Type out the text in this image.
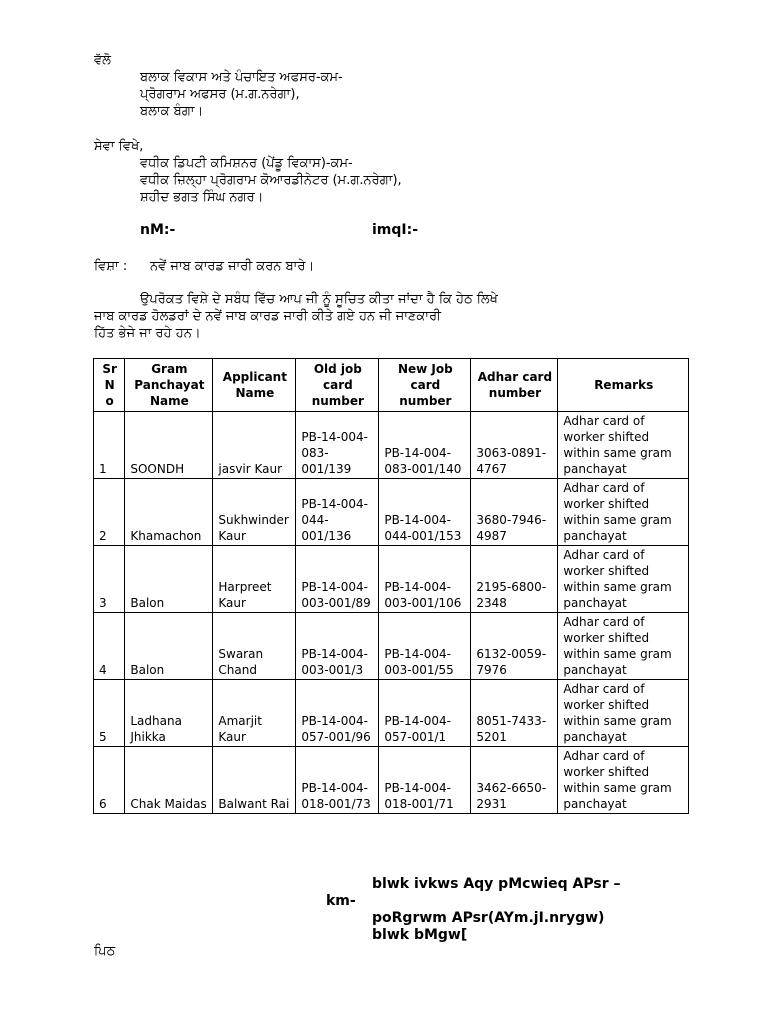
ਵੱਲੋ
ਬਲਾਕ ਵਿਕਾਸ ਅਤੇ ਪੰਚਾਇਤ ਅਫਸਰ-ਕਮ-
ਪ੍ਰੋਗਰਾਮ ਅਫਸਰ (ਮ.ਗ.ਨਰੇਗਾ),
ਬਲਾਕ ਬੰਗਾ।
ਸੇਵਾ ਵਿਖੇ,
ਵਧੀਕ ਡਿਪਟੀ ਕਮਿਸ਼ਨਰ (ਪੇਂਡੂ ਵਿਕਾਸ)-ਕਮ-
ਵਧੀਕ ਜ਼ਿਲ੍ਹਾ ਪ੍ਰੋਗਰਾਮ ਕੋਆਰਡੀਨੇਟਰ (ਮ.ਗ.ਨਰੇਗਾ),
ਸ਼ਹੀਦ ਭਗਤ ਸਿੰਘ ਨਗਰ।
nM:-	imqI:-
ਵਿਸ਼ਾ : ਨਵੇਂ ਜਾਬ ਕਾਰਡ ਜਾਰੀ ਕਰਨ ਬਾਰੇ।
ਉਪਰੋਕਤ ਵਿਸ਼ੇ ਦੇ ਸਬੰਧ ਵਿੱਚ ਆਪ ਜੀ ਨੂੰ ਸੂਚਿਤ ਕੀਤਾ ਜਾਂਦਾ ਹੈ ਕਿ ਹੇਠ ਲਿਖੇ
ਜਾਬ ਕਾਰਡ ਹੋਲਡਰਾਂ ਦੇ ਨਵੇਂ ਜਾਬ ਕਾਰਡ ਜਾਰੀ ਕੀਤੇ ਗਏ ਹਨ ਜੀ ਜਾਣਕਾਰੀ
ਹਿੱਤ ਭੇਜੇ ਜਾ ਰਹੇ ਹਨ।
Sr N o	Gram Panchayat Name	Applicant Name	Old job card number	New Job card number	Adhar card number	Remarks
1	SOONDH	jasvir Kaur	PB-14-004-083-001/139	PB-14-004-083-001/140	3063-0891-4767	Adhar card of worker shifted within same gram panchayat
2	Khamachon	Sukhwinder Kaur	PB-14-004-044-001/136	PB-14-004-044-001/153	3680-7946-4987	Adhar card of worker shifted within same gram panchayat
3	Balon	Harpreet Kaur	PB-14-004-003-001/89	PB-14-004-003-001/106	2195-6800-2348	Adhar card of worker shifted within same gram panchayat
4	Balon	Swaran Chand	PB-14-004-003-001/3	PB-14-004-003-001/55	6132-0059-7976	Adhar card of worker shifted within same gram panchayat
5	Ladhana Jhikka	Amarjit Kaur	PB-14-004-057-001/96	PB-14-004-057-001/1	8051-7433-5201	Adhar card of worker shifted within same gram panchayat
6	Chak Maidas	Balwant Rai	PB-14-004-018-001/73	PB-14-004-018-001/71	3462-6650-2931	Adhar card of worker shifted within same gram panchayat
blwk ivkws Aqy pMcwieq APsr –
km-
poRgrwm APsr(AYm.jI.nrygw)
blwk bMgw[
ਪਿਠ
